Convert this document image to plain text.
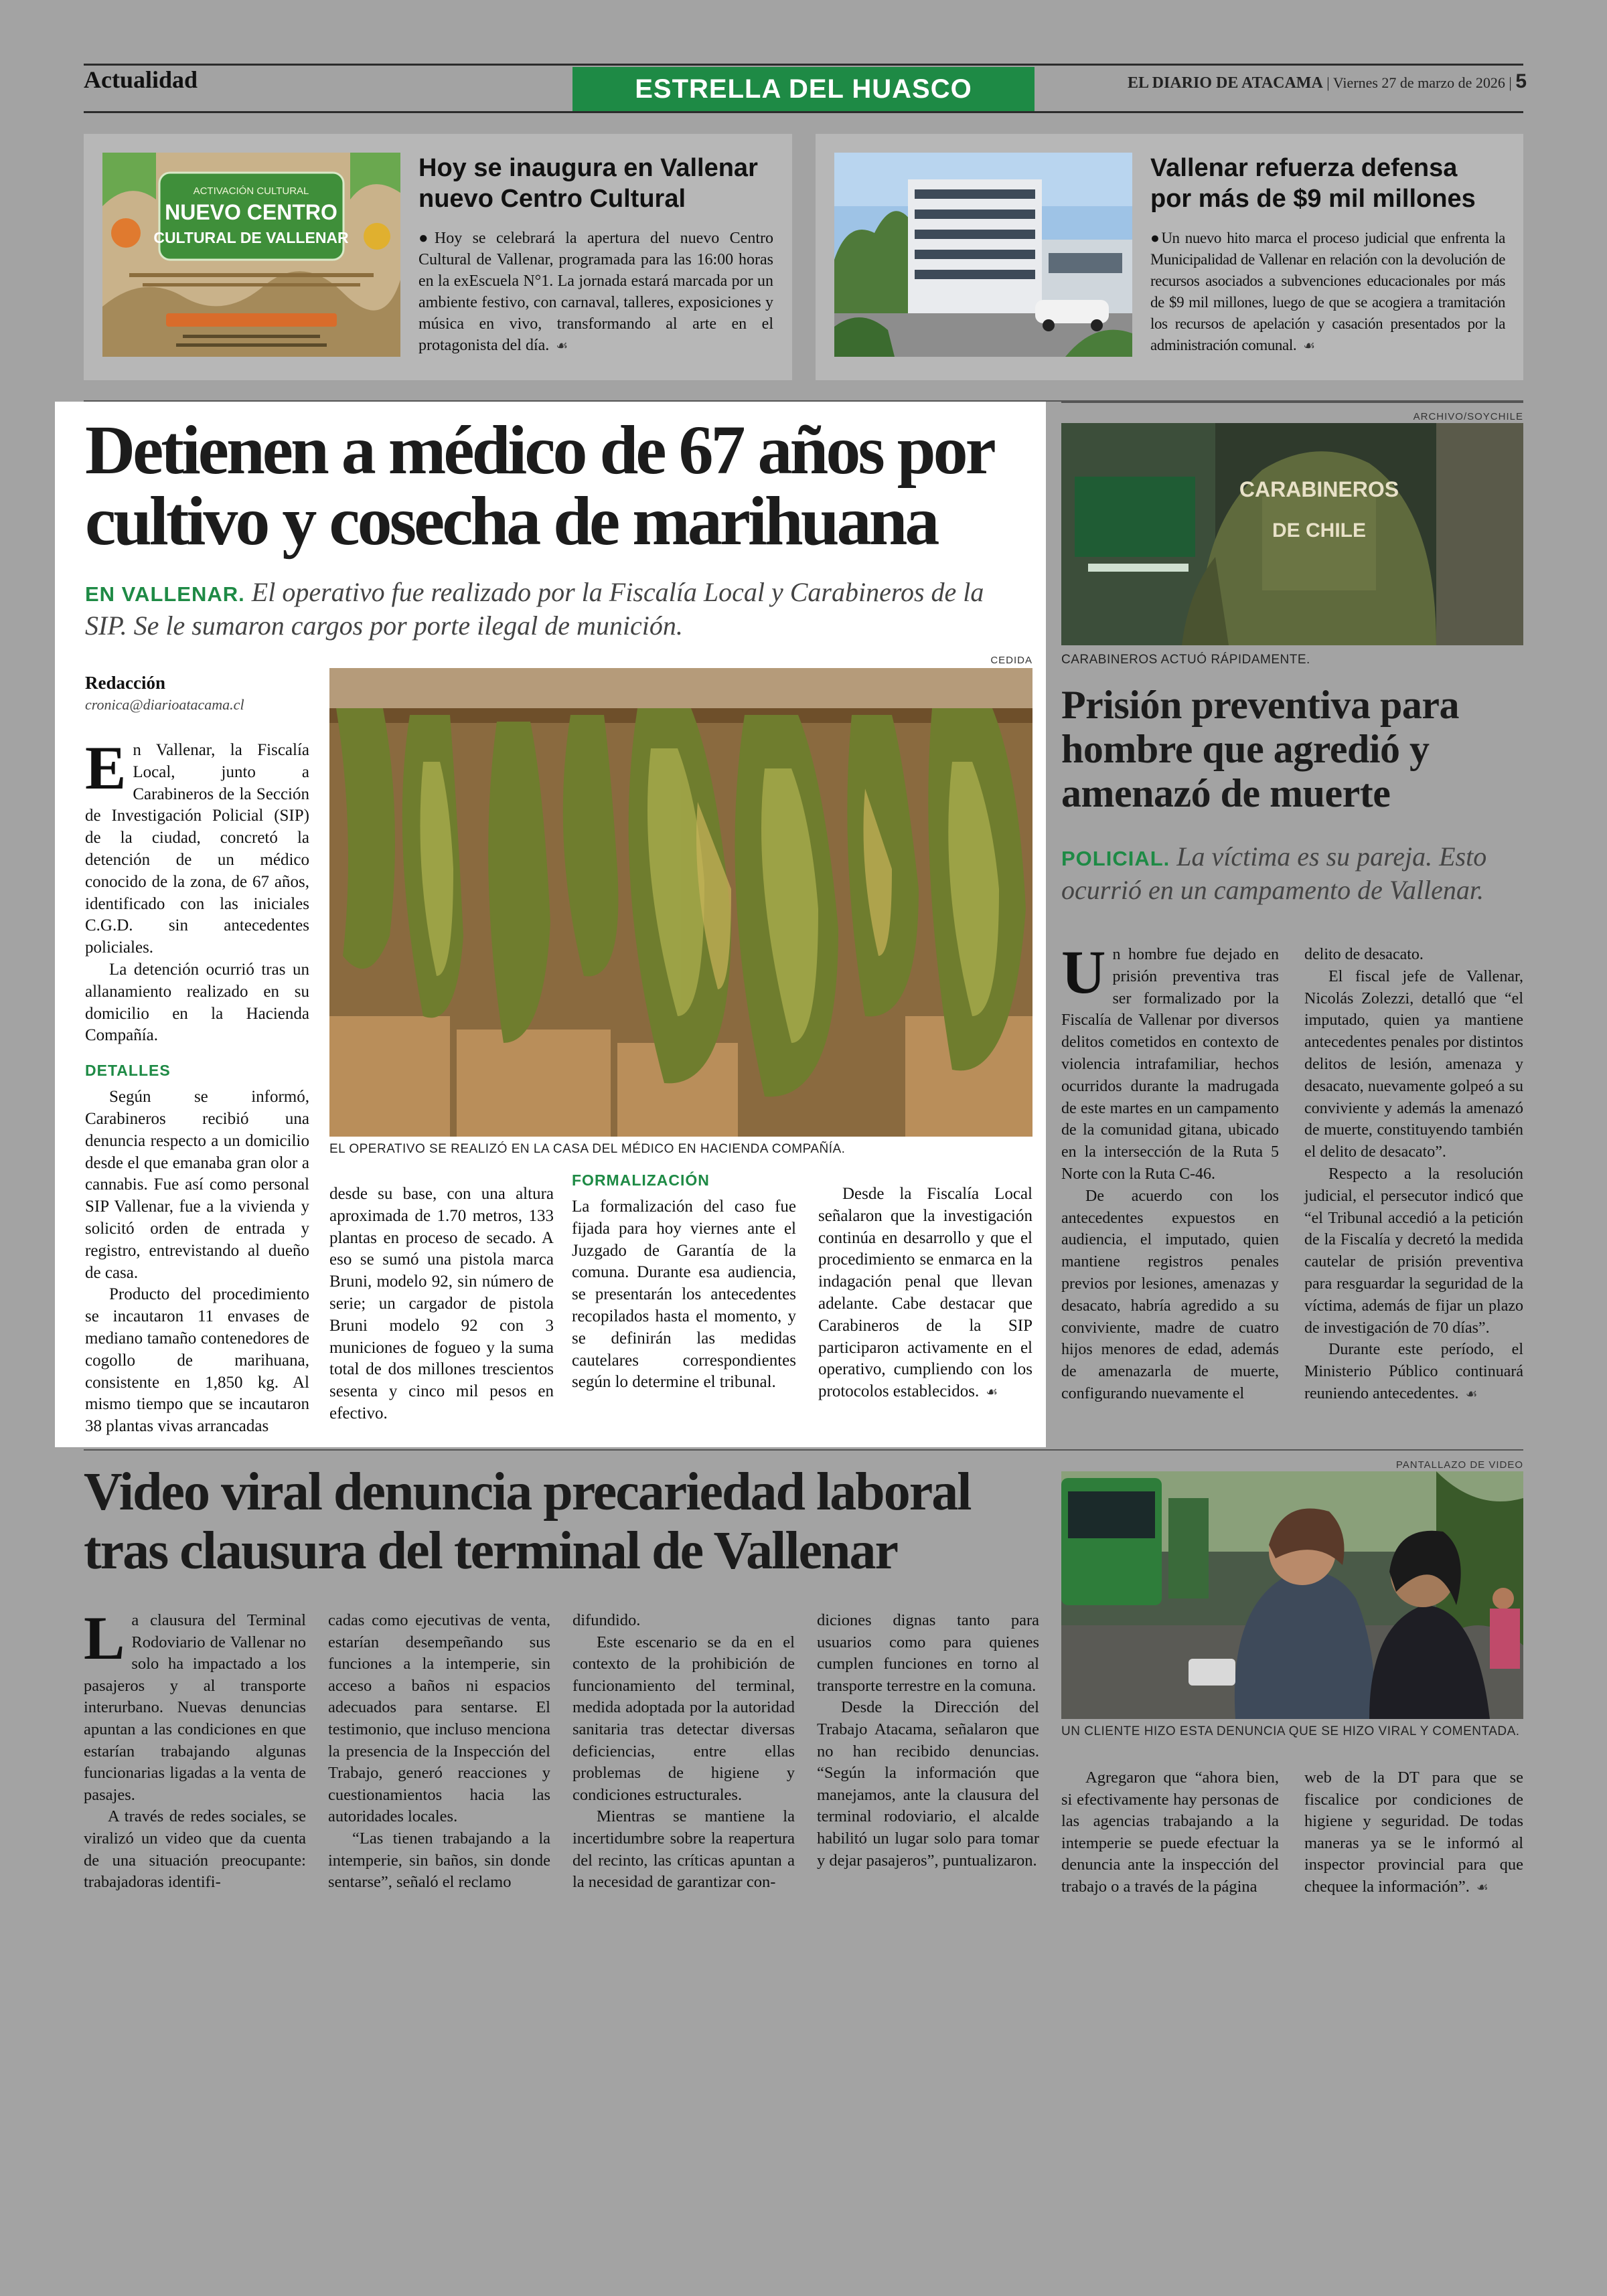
Actualidad	ESTRELLA DEL HUASCO	EL DIARIO DE ATACAMA | Viernes 27 de marzo de 2026 | 5
ACTIVACIÓN CULTURAL
NUEVO CENTRO
CULTURAL DE VALLENAR
Hoy se inaugura en Vallenar nuevo Centro Cultural

●Hoy se celebrará la apertura del nuevo Centro Cultural de Vallenar, programada para las 16:00 horas en la exEscuela N°1. La jornada estará marcada por un ambiente festivo, con carnaval, talleres, exposiciones y música en vivo, transformando al arte en el protagonista del día. ☙

Vallenar refuerza defensa por más de $9 mil millones

●Un nuevo hito marca el proceso judicial que enfrenta la Municipalidad de Vallenar en relación con la devolución de recursos asociados a subvenciones educacionales por más de $9 mil millones, luego de que se acogiera a tramitación los recursos de apelación y casación presentados por la administración comunal. ☙

Detienen a médico de 67 años por cultivo y cosecha de marihuana
EN VALLENAR. El operativo fue realizado por la Fiscalía Local y Carabineros de la SIP. Se le sumaron cargos por porte ilegal de munición.
CEDIDA
Redacción
cronica@diarioatacama.cl
EL OPERATIVO SE REALIZÓ EN LA CASA DEL MÉDICO EN HACIENDA COMPAÑÍA.

En Vallenar, la Fiscalía Local, junto a Carabineros de la Sección de Investigación Policial (SIP) de la ciudad, concretó la detención de un médico conocido de la zona, de 67 años, identificado con las iniciales C.G.D. sin antecedentes policiales.

La detención ocurrió tras un allanamiento realizado en su domicilio en la Hacienda Compañía.

DETALLES

Según se informó, Carabineros recibió una denuncia respecto a un domicilio desde el que emanaba gran olor a cannabis. Fue así como personal SIP Vallenar, fue a la vivienda y solicitó orden de entrada y registro, entrevistando al dueño de casa.

Producto del procedimiento se incautaron 11 envases de mediano tamaño contenedores de cogollo de marihuana, consistente en 1,850 kg. Al mismo tiempo que se incautaron 38 plantas vivas arrancadas

desde su base, con una altura aproximada de 1.70 metros, 133 plantas en proceso de secado. A eso se sumó una pistola marca Bruni, modelo 92, sin número de serie; un cargador de pistola Bruni modelo 92 con 3 municiones de fogueo y la suma total de dos millones trescientos sesenta y cinco mil pesos en efectivo.

FORMALIZACIÓN

La formalización del caso fue fijada para hoy viernes ante el Juzgado de Garantía de la comuna. Durante esa audiencia, se presentarán los antecedentes recopilados hasta el momento, y se definirán las medidas cautelares correspondientes según lo determine el tribunal.

Desde la Fiscalía Local señalaron que la investigación continúa en desarrollo y que el procedimiento se enmarca en la indagación penal que llevan adelante. Cabe destacar que Carabineros de la SIP participaron activamente en el operativo, cumpliendo con los protocolos establecidos. ☙

ARCHIVO/SOYCHILE
CARABINEROS
DE CHILE
CARABINEROS ACTUÓ RÁPIDAMENTE.
Prisión preventiva para hombre que agredió y amenazó de muerte
POLICIAL. La víctima es su pareja. Esto ocurrió en un campamento de Vallenar.

Un hombre fue dejado en prisión preventiva tras ser formalizado por la Fiscalía de Vallenar por diversos delitos cometidos en contexto de violencia intrafamiliar, hechos ocurridos durante la madrugada de este martes en un campamento de la comunidad gitana, ubicado en la intersección de la Ruta 5 Norte con la Ruta C-46.

De acuerdo con los antecedentes expuestos en audiencia, el imputado, quien mantiene registros penales previos por lesiones, amenazas y desacato, habría agredido a su conviviente, madre de cuatro hijos menores de edad, además de amenazarla de muerte, configurando nuevamente el

delito de desacato.

El fiscal jefe de Vallenar, Nicolás Zolezzi, detalló que “el imputado, quien ya mantiene antecedentes penales por distintos delitos de lesión, amenaza y desacato, nuevamente golpeó a su conviviente y además la amenazó de muerte, constituyendo también el delito de desacato”.

Respecto a la resolución judicial, el persecutor indicó que “el Tribunal accedió a la petición de la Fiscalía y decretó la medida cautelar de prisión preventiva para resguardar la seguridad de la víctima, además de fijar un plazo de investigación de 70 días”.

Durante este período, el Ministerio Público continuará reuniendo antecedentes. ☙

Video viral denuncia precariedad laboral tras clausura del terminal de Vallenar
PANTALLAZO DE VIDEO
UN CLIENTE HIZO ESTA DENUNCIA QUE SE HIZO VIRAL Y COMENTADA.

La clausura del Terminal Rodoviario de Vallenar no solo ha impactado a los pasajeros y al transporte interurbano. Nuevas denuncias apuntan a las condiciones en que estarían trabajando algunas funcionarias ligadas a la venta de pasajes.

A través de redes sociales, se viralizó un video que da cuenta de una situación preocupante: trabajadoras identifi-

cadas como ejecutivas de venta, estarían desempeñando sus funciones a la intemperie, sin acceso a baños ni espacios adecuados para sentarse. El testimonio, que incluso menciona la presencia de la Inspección del Trabajo, generó reacciones y cuestionamientos hacia las autoridades locales.

“Las tienen trabajando a la intemperie, sin baños, sin donde sentarse”, señaló el reclamo

difundido.

Este escenario se da en el contexto de la prohibición de funcionamiento del terminal, medida adoptada por la autoridad sanitaria tras detectar diversas deficiencias, entre ellas problemas de higiene y condiciones estructurales.

Mientras se mantiene la incertidumbre sobre la reapertura del recinto, las críticas apuntan a la necesidad de garantizar con-

diciones dignas tanto para usuarios como para quienes cumplen funciones en torno al transporte terrestre en la comuna.

Desde la Dirección del Trabajo Atacama, señalaron que no han recibido denuncias. “Según la información que manejamos, ante la clausura del terminal rodoviario, el alcalde habilitó un lugar solo para tomar y dejar pasajeros”, puntualizaron.

Agregaron que “ahora bien, si efectivamente hay personas de las agencias trabajando a la intemperie se puede efectuar la denuncia ante la inspección del trabajo o a través de la página

web de la DT para que se fiscalice por condiciones de higiene y seguridad. De todas maneras ya se le informó al inspector provincial para que chequee la información”. ☙
